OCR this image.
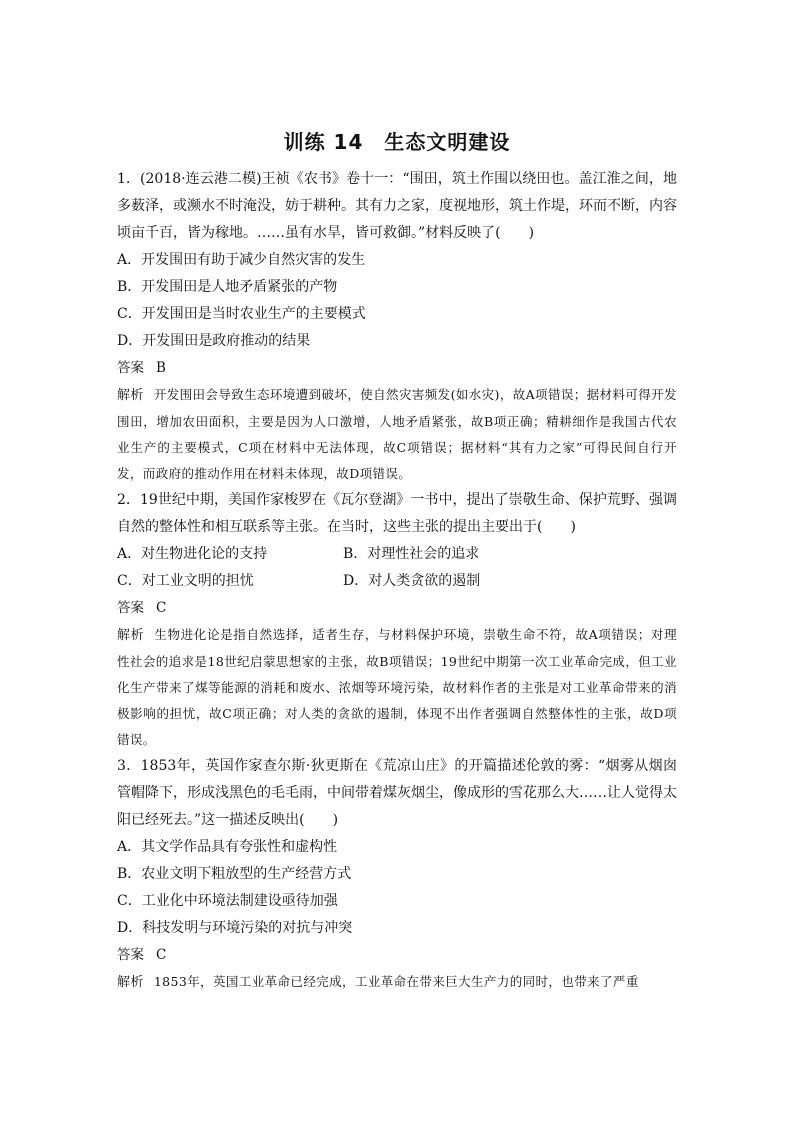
训练 14　生态文明建设

1．(2018·连云港二模)王祯《农书》卷十一：“围田，筑土作围以绕田也。盖江淮之间，地多薮泽，或濒水不时淹没，妨于耕种。其有力之家，度视地形，筑土作堤，环而不断，内容顷亩千百，皆为稼地。……虽有水旱，皆可救御。”材料反映了(　　)

A．开发围田有助于减少自然灾害的发生

B．开发围田是人地矛盾紧张的产物

C．开发围田是当时农业生产的主要模式

D．开发围田是政府推动的结果

答案 B

解析 开发围田会导致生态环境遭到破坏，使自然灾害频发(如水灾)，故A项错误；据材料可得开发围田，增加农田面积，主要是因为人口激增，人地矛盾紧张，故B项正确；精耕细作是我国古代农业生产的主要模式，C项在材料中无法体现，故C项错误；据材料“其有力之家”可得民间自行开发，而政府的推动作用在材料未体现，故D项错误。

2．19世纪中期，美国作家梭罗在《瓦尔登湖》一书中，提出了崇敬生命、保护荒野、强调自然的整体性和相互联系等主张。在当时，这些主张的提出主要出于(　　)

A．对生物进化论的支持	B．对理性社会的追求
C．对工业文明的担忧	D．对人类贪欲的遏制

答案 C

解析 生物进化论是指自然选择，适者生存，与材料保护环境，崇敬生命不符，故A项错误；对理性社会的追求是18世纪启蒙思想家的主张，故B项错误；19世纪中期第一次工业革命完成，但工业化生产带来了煤等能源的消耗和废水、浓烟等环境污染，故材料作者的主张是对工业革命带来的消极影响的担忧，故C项正确；对人类的贪欲的遏制，体现不出作者强调自然整体性的主张，故D项错误。

3．1853年，英国作家查尔斯·狄更斯在《荒凉山庄》的开篇描述伦敦的雾：“烟雾从烟囱管帽降下，形成浅黑色的毛毛雨，中间带着煤灰烟尘，像成形的雪花那么大……让人觉得太阳已经死去。”这一描述反映出(　　)

A．其文学作品具有夸张性和虚构性

B．农业文明下粗放型的生产经营方式

C．工业化中环境法制建设亟待加强

D．科技发明与环境污染的对抗与冲突

答案 C

解析 1853年，英国工业革命已经完成，工业革命在带来巨大生产力的同时，也带来了严重
